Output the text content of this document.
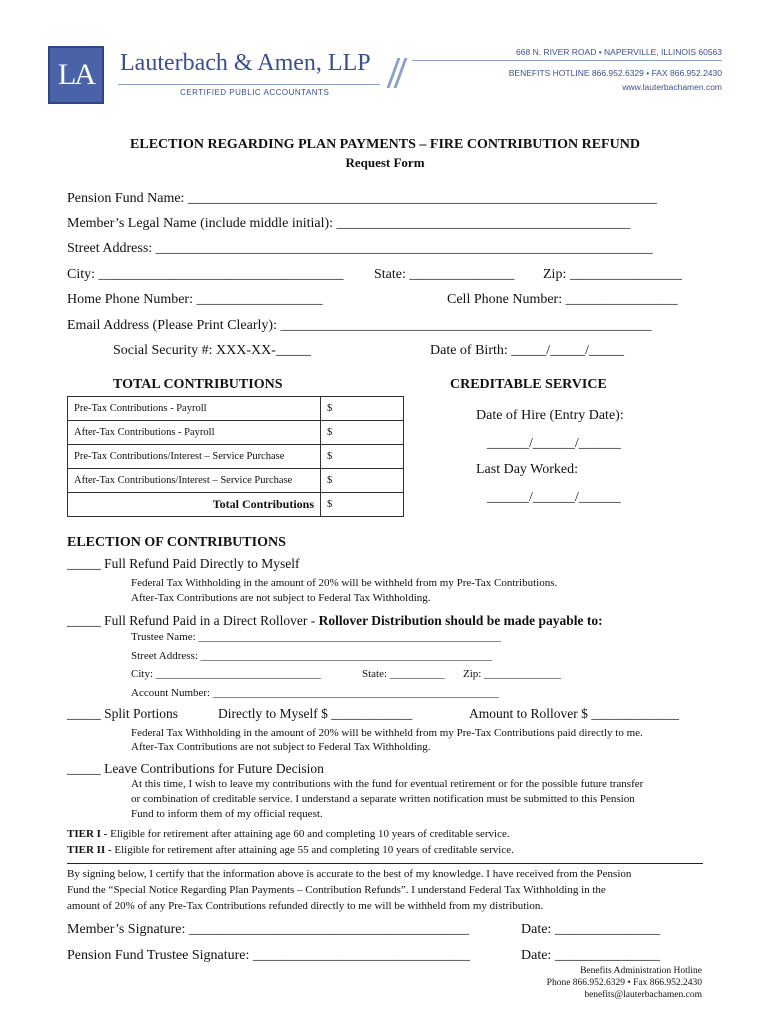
LA Lauterbach & Amen, LLP
CERTIFIED PUBLIC ACCOUNTANTS
668 N. RIVER ROAD • NAPERVILLE, ILLINOIS 60563
BENEFITS HOTLINE 866.952.6329 • FAX 866.952.2430
www.lauterbachamen.com
ELECTION REGARDING PLAN PAYMENTS – FIRE CONTRIBUTION REFUND
Request Form
Pension Fund Name: ___________________________________________________________________
Member’s Legal Name (include middle initial): __________________________________________
Street Address: _______________________________________________________________________
City: ___________________________________ State: _______________ Zip: ________________
Home Phone Number: __________________	Cell Phone Number: ________________
Email Address (Please Print Clearly): _____________________________________________________
Social Security #: XXX-XX-_____	Date of Birth: _____/_____/_____
TOTAL CONTRIBUTIONS
Pre-Tax Contributions - Payroll	$
After-Tax Contributions - Payroll	$
Pre-Tax Contributions/Interest – Service Purchase	$
After-Tax Contributions/Interest – Service Purchase	$
Total Contributions	$
CREDITABLE SERVICE
Date of Hire (Entry Date):
______/______/______
Last Day Worked:
______/______/______
ELECTION OF CONTRIBUTIONS
_____ Full Refund Paid Directly to Myself
Federal Tax Withholding in the amount of 20% will be withheld from my Pre-Tax Contributions.
After-Tax Contributions are not subject to Federal Tax Withholding.
_____ Full Refund Paid in a Direct Rollover - Rollover Distribution should be made payable to:
Trustee Name: _______________________________________________________
Street Address: _____________________________________________________
City: ______________________________	State: __________ Zip: ______________
Account Number: ____________________________________________________
_____ Split Portions	Directly to Myself $ ____________	Amount to Rollover $ _____________
Federal Tax Withholding in the amount of 20% will be withheld from my Pre-Tax Contributions paid directly to me.
After-Tax Contributions are not subject to Federal Tax Withholding.
_____ Leave Contributions for Future Decision
At this time, I wish to leave my contributions with the fund for eventual retirement or for the possible future transfer
or combination of creditable service. I understand a separate written notification must be submitted to this Pension
Fund to inform them of my official request.
TIER I - Eligible for retirement after attaining age 60 and completing 10 years of creditable service.
TIER II - Eligible for retirement after attaining age 55 and completing 10 years of creditable service.
By signing below, I certify that the information above is accurate to the best of my knowledge. I have received from the Pension
Fund the “Special Notice Regarding Plan Payments – Contribution Refunds”. I understand Federal Tax Withholding in the
amount of 20% of any Pre-Tax Contributions refunded directly to me will be withheld from my distribution.
Member’s Signature: ________________________________________	Date: _______________
Pension Fund Trustee Signature: _______________________________	Date: _______________
Benefits Administration Hotline
Phone 866.952.6329 • Fax 866.952.2430
benefits@lauterbachamen.com
